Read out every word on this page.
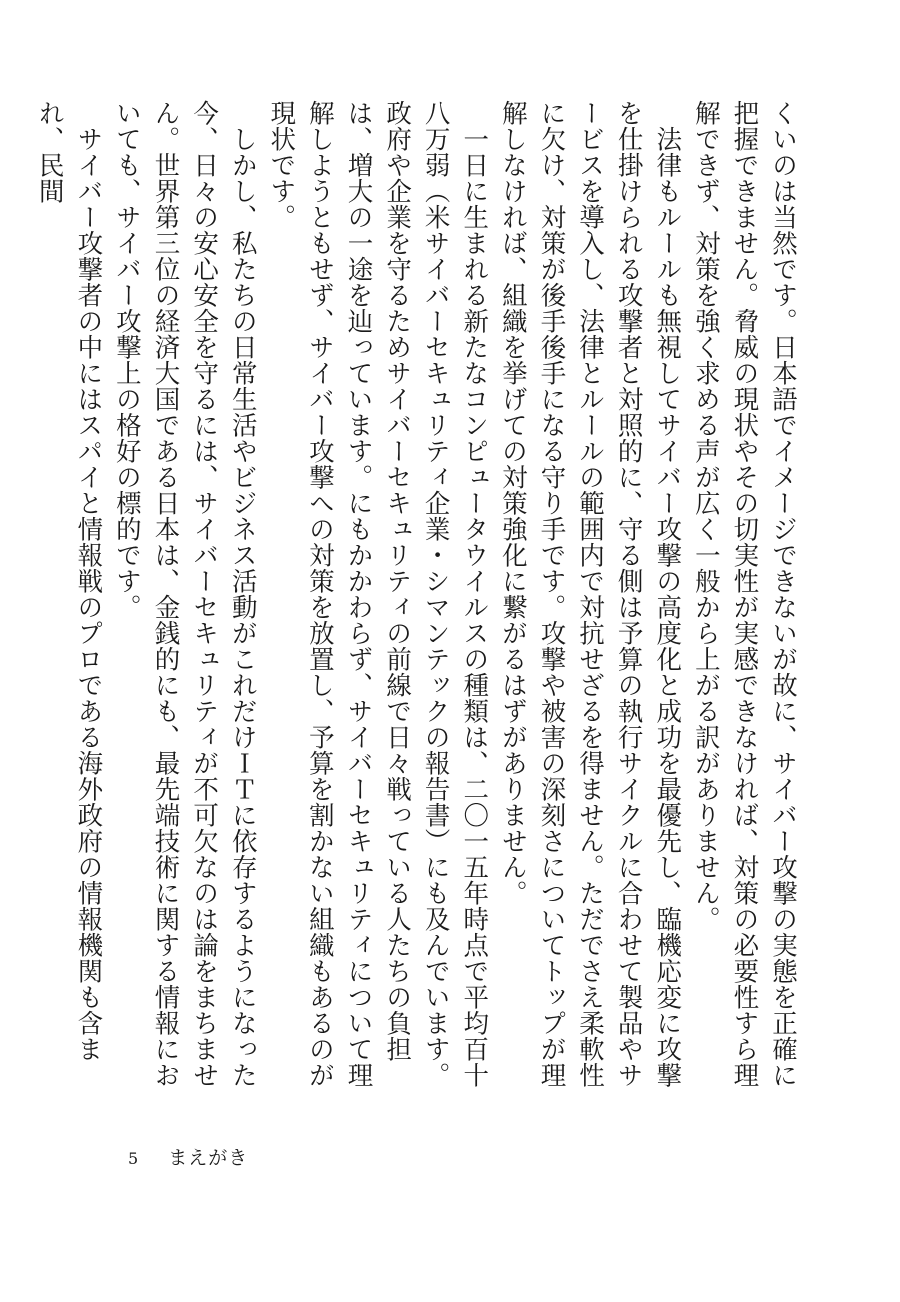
くいのは当然です。日本語でイメージできないが故に、サイバー攻撃の実態を正確に把握できません。脅威の現状やその切実性が実感できなければ、対策の必要性すら理解できず、対策を強く求める声が広く一般から上がる訳がありません。

法律もルールも無視してサイバー攻撃の高度化と成功を最優先し、臨機応変に攻撃を仕掛けられる攻撃者と対照的に、守る側は予算の執行サイクルに合わせて製品やサービスを導入し、法律とルールの範囲内で対抗せざるを得ません。ただでさえ柔軟性に欠け、対策が後手後手になる守り手です。攻撃や被害の深刻さについてトップが理解しなければ、組織を挙げての対策強化に繋がるはずがありません。

一日に生まれる新たなコンピュータウイルスの種類は、二〇一五年時点で平均百十八万弱（米サイバーセキュリティ企業・シマンテックの報告書）にも及んでいます。政府や企業を守るためサイバーセキュリティの前線で日々戦っている人たちの負担は、増大の一途を辿っています。にもかかわらず、サイバーセキュリティについて理解しようともせず、サイバー攻撃への対策を放置し、予算を割かない組織もあるのが現状です。

しかし、私たちの日常生活やビジネス活動がこれだけＩＴに依存するようになった今、日々の安心安全を守るには、サイバーセキュリティが不可欠なのは論をまちません。世界第三位の経済大国である日本は、金銭的にも、最先端技術に関する情報においても、サイバー攻撃上の格好の標的です。

サイバー攻撃者の中にはスパイと情報戦のプロである海外政府の情報機関も含まれ、民間

5 まえがき
